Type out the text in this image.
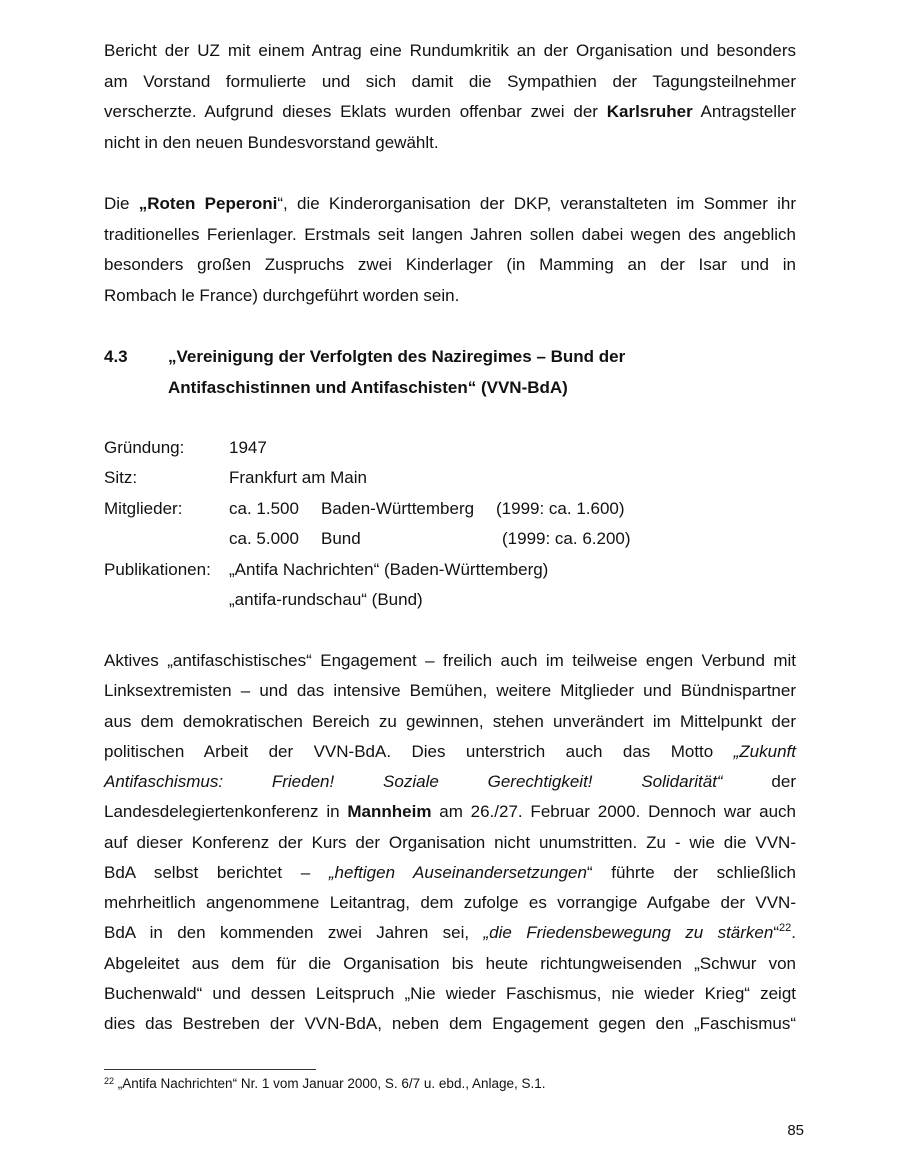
Bericht der UZ mit einem Antrag eine Rundumkritik an der Organisation und besonders
am Vorstand formulierte und sich damit die Sympathien der Tagungsteilnehmer
verscherzte. Aufgrund dieses Eklats wurden offenbar zwei der Karlsruher Antragsteller
nicht in den neuen Bundesvorstand gewählt.
Die „Roten Peperoni“, die Kinderorganisation der DKP, veranstalteten im Sommer ihr
traditionelles Ferienlager. Erstmals seit langen Jahren sollen dabei wegen des angeblich
besonders großen Zuspruchs zwei Kinderlager (in Mamming an der Isar und in
Rombach le France) durchgeführt worden sein.
4.3 „Vereinigung der Verfolgten des Naziregimes – Bund der
Antifaschistinnen und Antifaschisten“ (VVN-BdA)
Gründung:	1947
Sitz:	Frankfurt am Main
Mitglieder:	ca. 1.500 Baden-Württemberg (1999: ca. 1.600)
ca. 5.000 Bund	(1999: ca. 6.200)
Publikationen: „Antifa Nachrichten“ (Baden-Württemberg)
„antifa-rundschau“ (Bund)
Aktives „antifaschistisches“ Engagement – freilich auch im teilweise engen Verbund mit
Linksextremisten – und das intensive Bemühen, weitere Mitglieder und Bündnispartner
aus dem demokratischen Bereich zu gewinnen, stehen unverändert im Mittelpunkt der
politischen Arbeit der VVN-BdA. Dies unterstrich auch das Motto „Zukunft
Antifaschismus: Frieden! Soziale Gerechtigkeit! Solidarität“ der
Landesdelegiertenkonferenz in Mannheim am 26./27. Februar 2000. Dennoch war auch
auf dieser Konferenz der Kurs der Organisation nicht unumstritten. Zu - wie die VVN-
BdA selbst berichtet – „heftigen Auseinandersetzungen“ führte der schließlich
mehrheitlich angenommene Leitantrag, dem zufolge es vorrangige Aufgabe der VVN-
BdA in den kommenden zwei Jahren sei, „die Friedensbewegung zu stärken“$^{22}$.
Abgeleitet aus dem für die Organisation bis heute richtungweisenden „Schwur von
Buchenwald“ und dessen Leitspruch „Nie wieder Faschismus, nie wieder Krieg“ zeigt
dies das Bestreben der VVN-BdA, neben dem Engagement gegen den „Faschismus“
$^{22}$ „Antifa Nachrichten“ Nr. 1 vom Januar 2000, S. 6/7 u. ebd., Anlage, S.1.
85
